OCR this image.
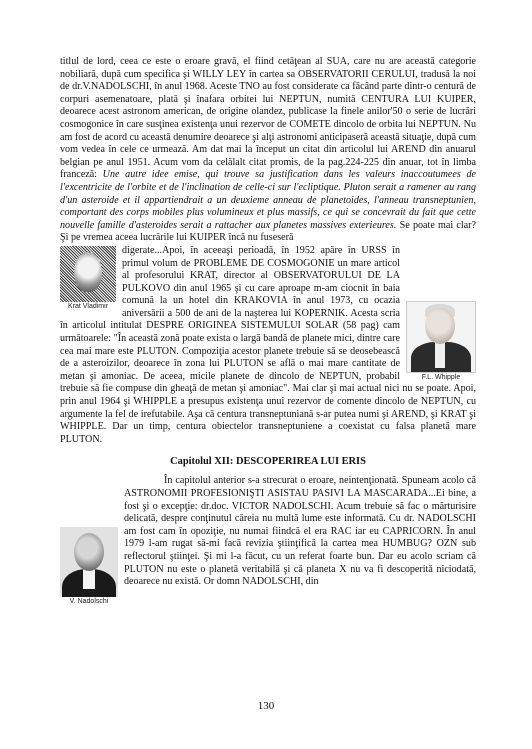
titlul de lord, ceea ce este o eroare gravă, el fiind cetăţean al SUA, care nu are această categorie nobiliară, după cum specifica şi WILLY LEY în cartea sa OBSERVATORII CERULUI, tradusă la noi de dr.V.NADOLSCHI, în anul 1968. Aceste TNO au fost considerate ca făcând parte dintr-o centură de corpuri asemenatoare, plată şi înafara orbitei lui NEPTUN, numită CENTURA LUI KUIPER, deoarece acest astronom american, de origine olandez, publicase la finele anilor'50 o serie de lucrări cosmogonice în care susţinea existenţa unui rezervor de COMETE dincolo de orbita lui NEPTUN. Nu am fost de acord cu această denumire deoarece şi alţi astronomi anticipaseră această situaţie, după cum vom vedea în cele ce urmează. Am dat mai la început un citat din articolul lui AREND din anuarul belgian pe anul 1951. Acum vom da celălalt citat promis, de la pag.224-225 din anuar, tot în limba franceză: Une autre idee emise, qui trouve sa justification dans les valeurs inaccoutumees de l'excentricite de l'orbite et de l'inclination de celle-ci sur l'ecliptique. Pluton serait a ramener au rang d'un asteroide et il appartiendrait a un deuxieme anneau de planetoides, l'anneau transneptunien, comportant des corps mobiles plus volumineux et plus massifs, ce qui se concevrait du fait que cette nouvelle famille d'asteroides serait a rattacher aux planetes massives exterieures. Se poate mai clar? Şi pe vremea aceea lucrările lui KUIPER încă nu fuseseră

Krat Vladimir
F.L. Whipple

digerate...Apoi, în aceeaşi perioadă, în 1952 apăre în URSS în primul volum de PROBLEME DE COSMOGONIE un mare articol al profesorului KRAT, director al OBSERVATORULUI DE LA PULKOVO din anul 1965 şi cu care aproape m-am ciocnit în baia comună la un hotel din KRAKOVIA în anul 1973, cu ocazia aniversării a 500 de ani de la naşterea lui KOPERNIK. Acesta scria în articolul intitulat DESPRE ORIGINEA SISTEMULUI SOLAR (58 pag) cam următoarele: "În această zonă poate exista o largă bandă de planete mici, dintre care cea mai mare este PLUTON. Compoziţia acestor planete trebuie să se deosebească de a asteroizilor, deoarece în zona lui PLUTON se află o mai mare cantitate de metan şi amoniac. De aceea, micile planete de dincolo de NEPTUN, probabil trebuie să fie compuse din gheaţă de metan şi amoniac". Mai clar şi mai actual nici nu se poate. Apoi, prin anul 1964 şi WHIPPLE a presupus existenţa unui rezervor de comente dincolo de NEPTUN, cu argumente la fel de irefutabile. Aşa că centura transneptuniană s-ar putea numi şi AREND, şi KRAT şi WHIPPLE. Dar un timp, centura obiectelor transneptuniene a coexistat cu falsa planetă mare PLUTON.

Capitolul XII: DESCOPERIREA LUI ERIS
V. Nadolschi

În capitolul anterior s-a strecurat o eroare, neintenţionată. Spuneam acolo că ASTRONOMII PROFESIONIŞTI ASISTAU PASIVI LA MASCARADA...Ei bine, a fost şi o excepţie: dr.doc. VICTOR NADOLSCHI. Acum trebuie să fac o mărturisire delicată, despre conţinutul căreia nu multă lume este informată. Cu dr. NADOLSCHI am fost cam în opoziţie, nu numai fiindcă el era RAC iar eu CAPRICORN. În anul 1979 l-am rugat să-mi facă revizia ştiinţifică la cartea mea HUMBUG? OZN sub reflectorul ştiinţei. Şi mi l-a făcut, cu un referat foarte bun. Dar eu acolo scriam că PLUTON nu este o planetă veritabilă şi că planeta X nu va fi descoperită niciodată, deoarece nu există. Or domn NADOLSCHI, din

130
